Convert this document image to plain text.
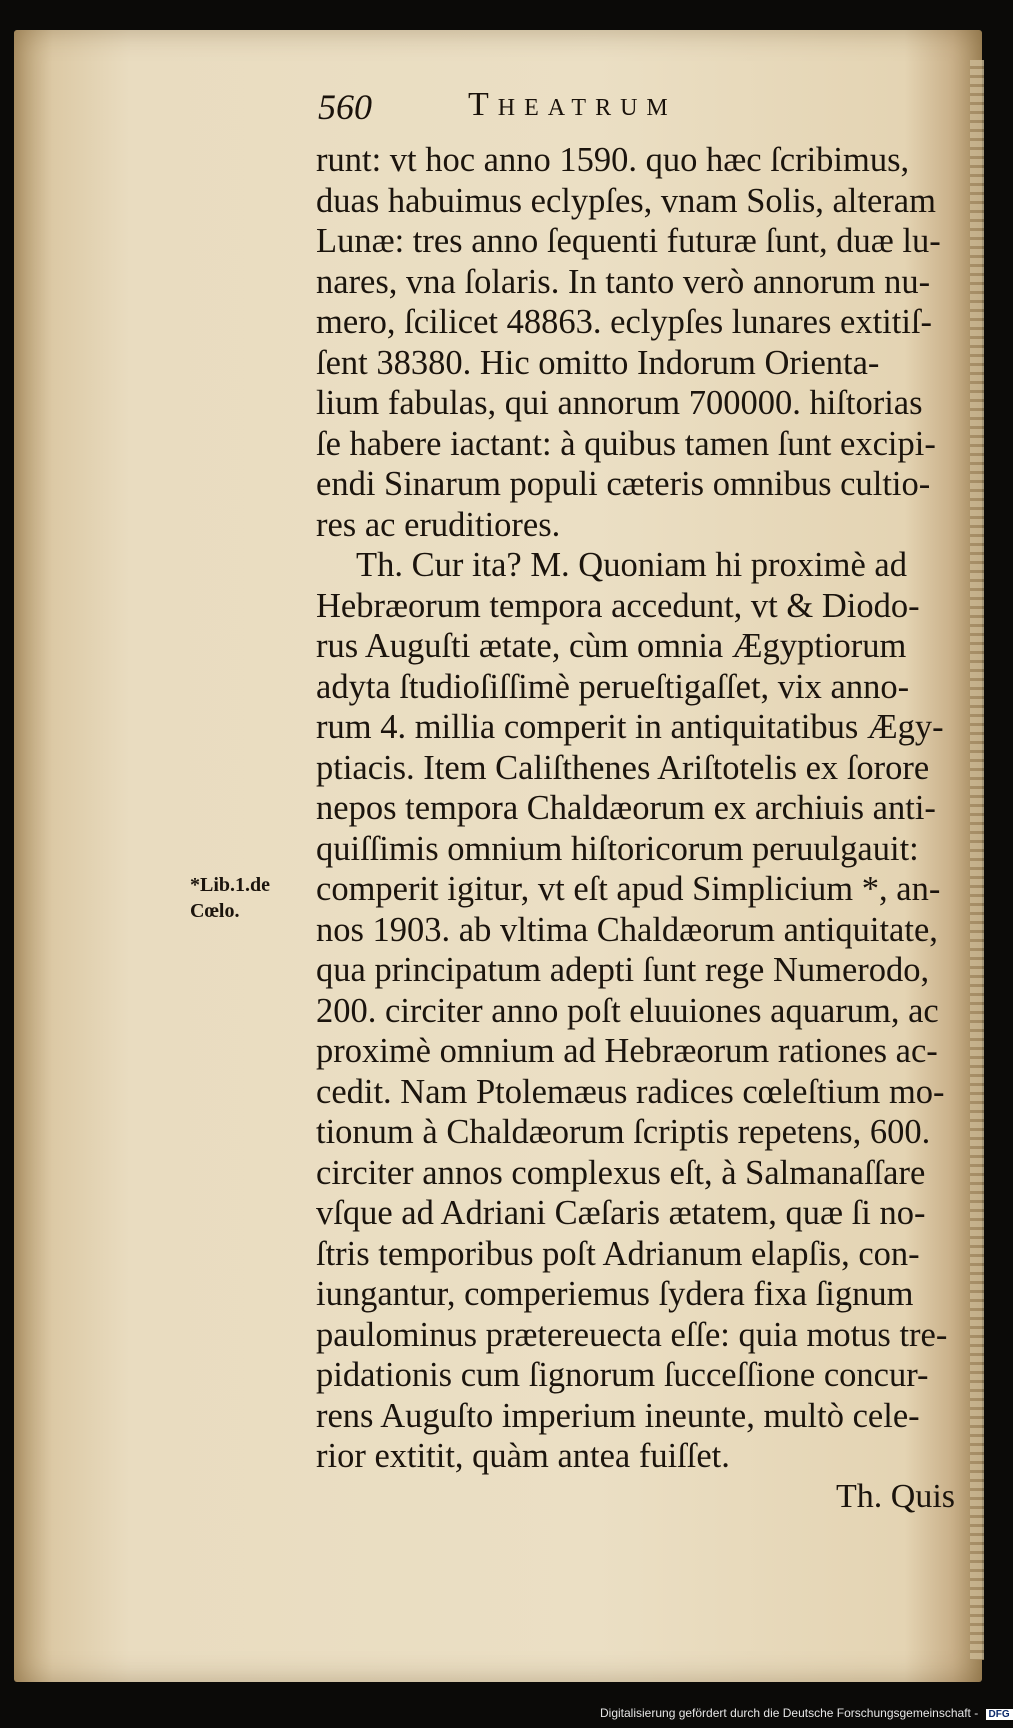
560	Theatrum
*Lib.1.de
Cœlo.
runt: vt hoc anno 1590. quo hæc ſcribimus,
duas habuimus eclypſes, vnam Solis, alteram
Lunæ: tres anno ſequenti futuræ ſunt, duæ lu-
nares, vna ſolaris. In tanto verò annorum nu-
mero, ſcilicet 48863. eclypſes lunares extitiſ-
ſent 38380. Hic omitto Indorum Orienta-
lium fabulas, qui annorum 700000. hiſtorias
ſe habere iactant: à quibus tamen ſunt excipi-
endi Sinarum populi cæteris omnibus cultio-
res ac eruditiores.
Th. Cur ita? M. Quoniam hi proximè ad
Hebræorum tempora accedunt, vt & Diodo-
rus Auguſti ætate, cùm omnia Ægyptiorum
adyta ſtudioſiſſimè perueſtigaſſet, vix anno-
rum 4. millia comperit in antiquitatibus Ægy-
ptiacis. Item Caliſthenes Ariſtotelis ex ſorore
nepos tempora Chaldæorum ex archiuis anti-
quiſſimis omnium hiſtoricorum peruulgauit:
comperit igitur, vt eſt apud Simplicium *, an-
nos 1903. ab vltima Chaldæorum antiquitate,
qua principatum adepti ſunt rege Numerodo,
200. circiter anno poſt eluuiones aquarum, ac
proximè omnium ad Hebræorum rationes ac-
cedit. Nam Ptolemæus radices cœleſtium mo-
tionum à Chaldæorum ſcriptis repetens, 600.
circiter annos complexus eſt, à Salmanaſſare
vſque ad Adriani Cæſaris ætatem, quæ ſi no-
ſtris temporibus poſt Adrianum elapſis, con-
iungantur, comperiemus ſydera fixa ſignum
paulominus prætereuecta eſſe: quia motus tre-
pidationis cum ſignorum ſucceſſione concur-
rens Auguſto imperium ineunte, multò cele-
rior extitit, quàm antea fuiſſet.
Th. Quis
Digitalisierung gefördert durch die Deutsche Forschungsgemeinschaft - DFG
